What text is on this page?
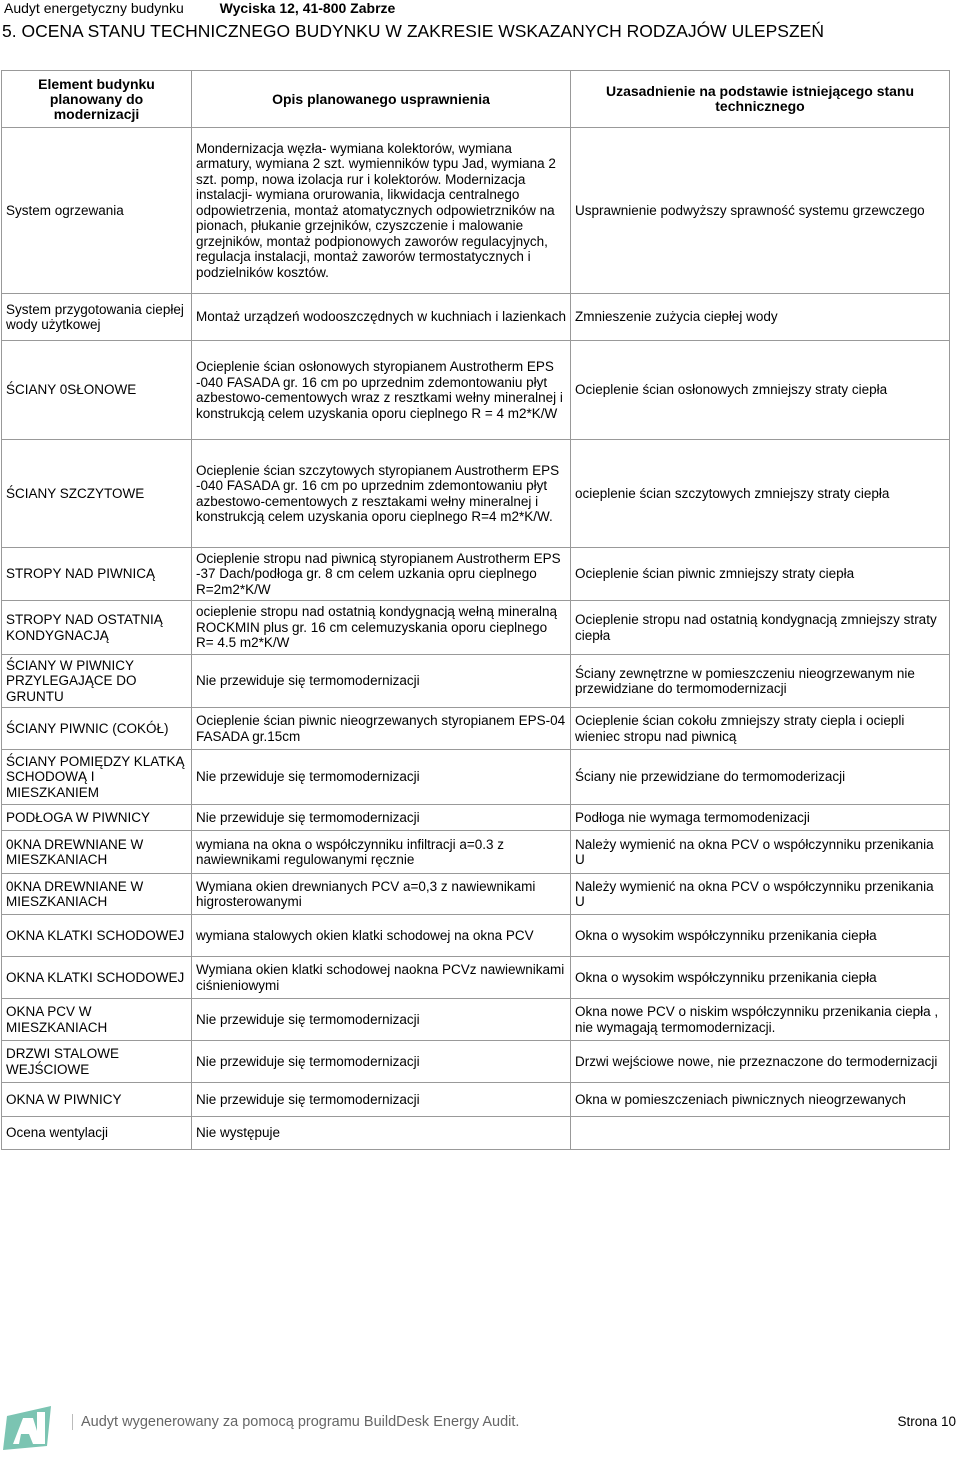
Audyt energetyczny budynku	Wyciska 12, 41-800 Zabrze
5. OCENA STANU TECHNICZNEGO BUDYNKU W ZAKRESIE WSKAZANYCH RODZAJÓW ULEPSZEŃ
Element budynku planowany do modernizacji	Opis planowanego usprawnienia	Uzasadnienie na podstawie istniejącego stanu technicznego
System ogrzewania	Mondernizacja węzła- wymiana kolektorów, wymiana armatury, wymiana 2 szt. wymienników typu Jad, wymiana 2 szt. pomp, nowa izolacja rur i kolektorów. Modernizacja instalacji- wymiana orurowania, likwidacja centralnego odpowietrzenia, montaż atomatycznych odpowietrzników na pionach, płukanie grzejników, czyszczenie i malowanie grzejników, montaż podpionowych zaworów regulacyjnych, regulacja instalacji, montaż zaworów termostatycznych i podzielników kosztów.	Usprawnienie podwyższy sprawność systemu grzewczego
System przygotowania ciepłej wody użytkowej	Montaż urządzeń wodooszczędnych w kuchniach i lazienkach	Zmnieszenie zużycia ciepłej wody
ŚCIANY 0SŁONOWE	Ocieplenie ścian osłonowych styropianem Austrotherm EPS -040 FASADA gr. 16 cm po uprzednim zdemontowaniu płyt azbestowo-cementowych wraz z resztkami wełny mineralnej i konstrukcją celem uzyskania oporu cieplnego R = 4 m2*K/W	Ocieplenie ścian osłonowych zmniejszy straty ciepła
ŚCIANY SZCZYTOWE	Ocieplenie ścian szczytowych styropianem Austrotherm EPS -040 FASADA gr. 16 cm po uprzednim zdemontowaniu płyt azbestowo-cementowych z resztakami wełny mineralnej i konstrukcją celem uzyskania oporu cieplnego R=4 m2*K/W.	ocieplenie ścian szczytowych zmniejszy straty ciepła
STROPY NAD PIWNICĄ	Ocieplenie stropu nad piwnicą styropianem Austrotherm EPS -37 Dach/podłoga gr. 8 cm celem uzkania opru cieplnego R=2m2*K/W	Ocieplenie ścian piwnic zmniejszy straty ciepła
STROPY NAD OSTATNIĄ KONDYGNACJĄ	ocieplenie stropu nad ostatnią kondygnacją wełną mineralną ROCKMIN plus gr. 16 cm celemuzyskania oporu cieplnego R= 4.5 m2*K/W	Ocieplenie stropu nad ostatnią kondygnacją zmniejszy straty ciepła
ŚCIANY W PIWNICY PRZYLEGAJĄCE DO GRUNTU	Nie przewiduje się termomodernizacji	Ściany zewnętrzne w pomieszczeniu nieogrzewanym nie przewidziane do termomodernizacji
ŚCIANY PIWNIC (COKÓŁ)	Ocieplenie ścian piwnic nieogrzewanych styropianem EPS-04 FASADA gr.15cm	Ocieplenie ścian cokołu zmniejszy straty ciepla i ocieplі wieniec stropu nad piwnicą
ŚCIANY POMIĘDZY KLATKĄ SCHODOWĄ I MIESZKANIEM	Nie przewiduje się termomodernizacji	Ściany nie przewidziane do termomoderizacji
PODŁOGA W PIWNICY	Nie przewiduje się termomodernizacji	Podłoga nie wymaga termomodenizacji
0KNA DREWNIANE W MIESZKANIACH	wymiana na okna o współczynniku infiltracji a=0.3 z nawiewnikami regulowanymi ręcznie	Należy wymienić na okna PCV o współczynniku przenikania U
0KNA DREWNIANE W MIESZKANIACH	Wymiana okien drewnianych PCV a=0,3 z nawiewnikami higrosterowanymi	Należy wymienić na okna PCV o współczynniku przenikania U
OKNA KLATKI SCHODOWEJ	wymiana stalowych okien klatki schodowej na okna PCV	Okna o wysokim współczynniku przenikania ciepła
OKNA KLATKI SCHODOWEJ	Wymiana okien klatki schodowej naokna PCVz nawiewnikami ciśnieniowymi	Okna o wysokim współczynniku przenikania ciepła
OKNA PCV W MIESZKANIACH	Nie przewiduje się termomodernizacji	Okna nowe PCV o niskim współczynniku przenikania ciepła , nie wymagają termomodernizacji.
DRZWI STALOWE WEJŚCIOWE	Nie przewiduje się termomodernizacji	Drzwi wejściowe nowe, nie przeznaczone do termodernizacji
OKNA W PIWNICY	Nie przewiduje się termomodernizacji	Okna w pomieszczeniach piwnicznych nieogrzewanych
Ocena wentylacji	Nie występuje	
Audyt wygenerowany za pomocą programu BuildDesk Energy Audit.	Strona 10
